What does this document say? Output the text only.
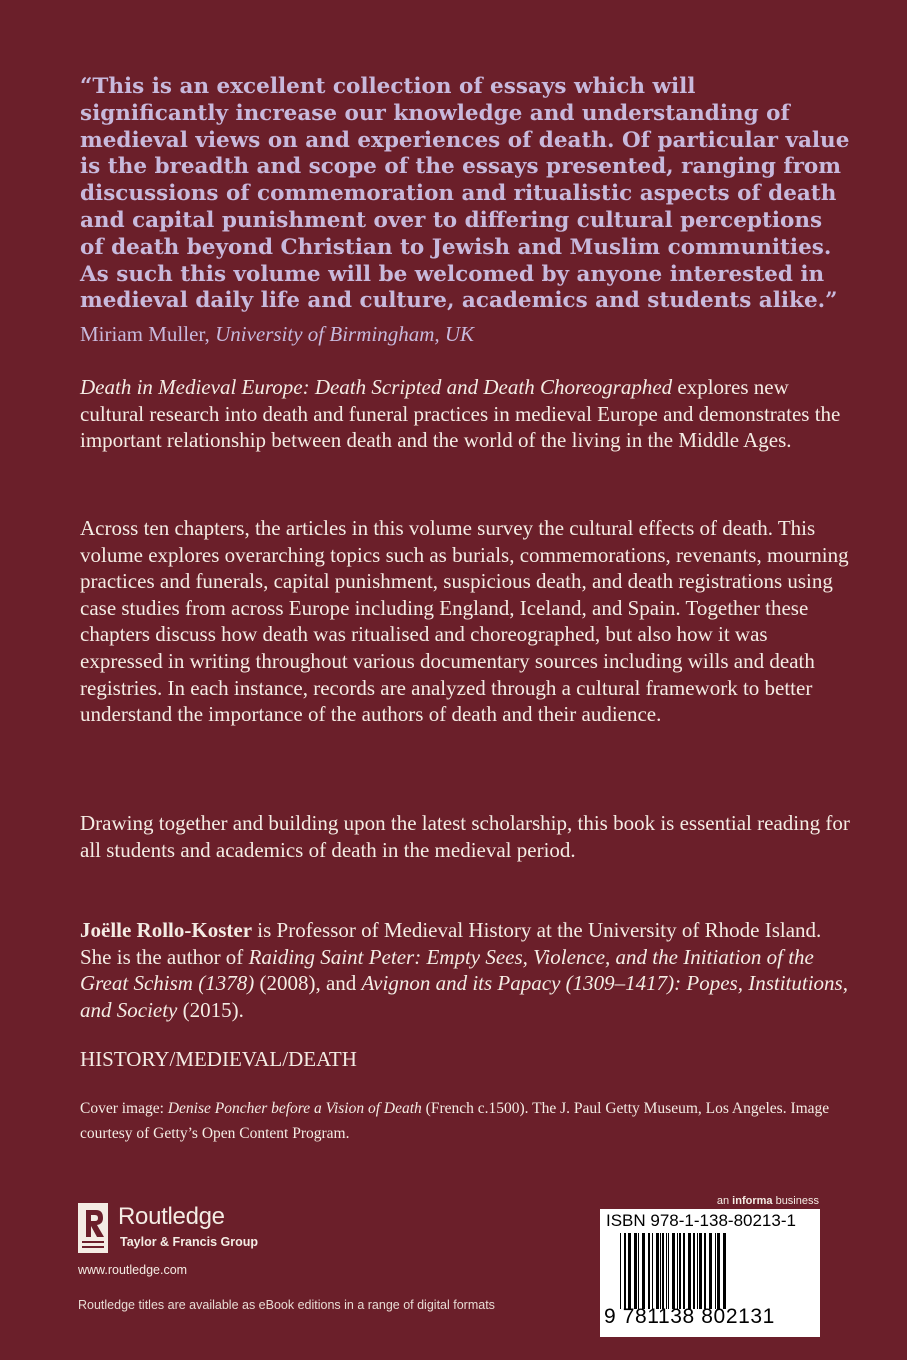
“This is an excellent collection of essays which will significantly increase our knowledge and understanding of medieval views on and experiences of death. Of particular value is the breadth and scope of the essays presented, ranging from discussions of commemoration and ritualistic aspects of death and capital punishment over to differing cultural perceptions of death beyond Christian to Jewish and Muslim communities. As such this volume will be welcomed by anyone interested in medieval daily life and culture, academics and students alike.”
Miriam Muller, University of Birmingham, UK
Death in Medieval Europe: Death Scripted and Death Choreographed explores new cultural research into death and funeral practices in medieval Europe and demonstrates the important relationship between death and the world of the living in the Middle Ages.
Across ten chapters, the articles in this volume survey the cultural effects of death. This volume explores overarching topics such as burials, commemorations, revenants, mourning practices and funerals, capital punishment, suspicious death, and death registrations using case studies from across Europe including England, Iceland, and Spain. Together these chapters discuss how death was ritualised and choreographed, but also how it was expressed in writing throughout various documentary sources including wills and death registries. In each instance, records are analyzed through a cultural framework to better understand the importance of the authors of death and their audience.
Drawing together and building upon the latest scholarship, this book is essential reading for all students and academics of death in the medieval period.
Joëlle Rollo-Koster is Professor of Medieval History at the University of Rhode Island. She is the author of Raiding Saint Peter: Empty Sees, Violence, and the Initiation of the Great Schism (1378) (2008), and Avignon and its Papacy (1309–1417): Popes, Institutions, and Society (2015).
HISTORY/MEDIEVAL/DEATH
Cover image: Denise Poncher before a Vision of Death (French c.1500). The J. Paul Getty Museum, Los Angeles. Image courtesy of Getty’s Open Content Program.
Routledge
Taylor & Francis Group
www.routledge.com
Routledge titles are available as eBook editions in a range of digital formats
an informa business
ISBN 978-1-138-80213-1
9 781138 802131
